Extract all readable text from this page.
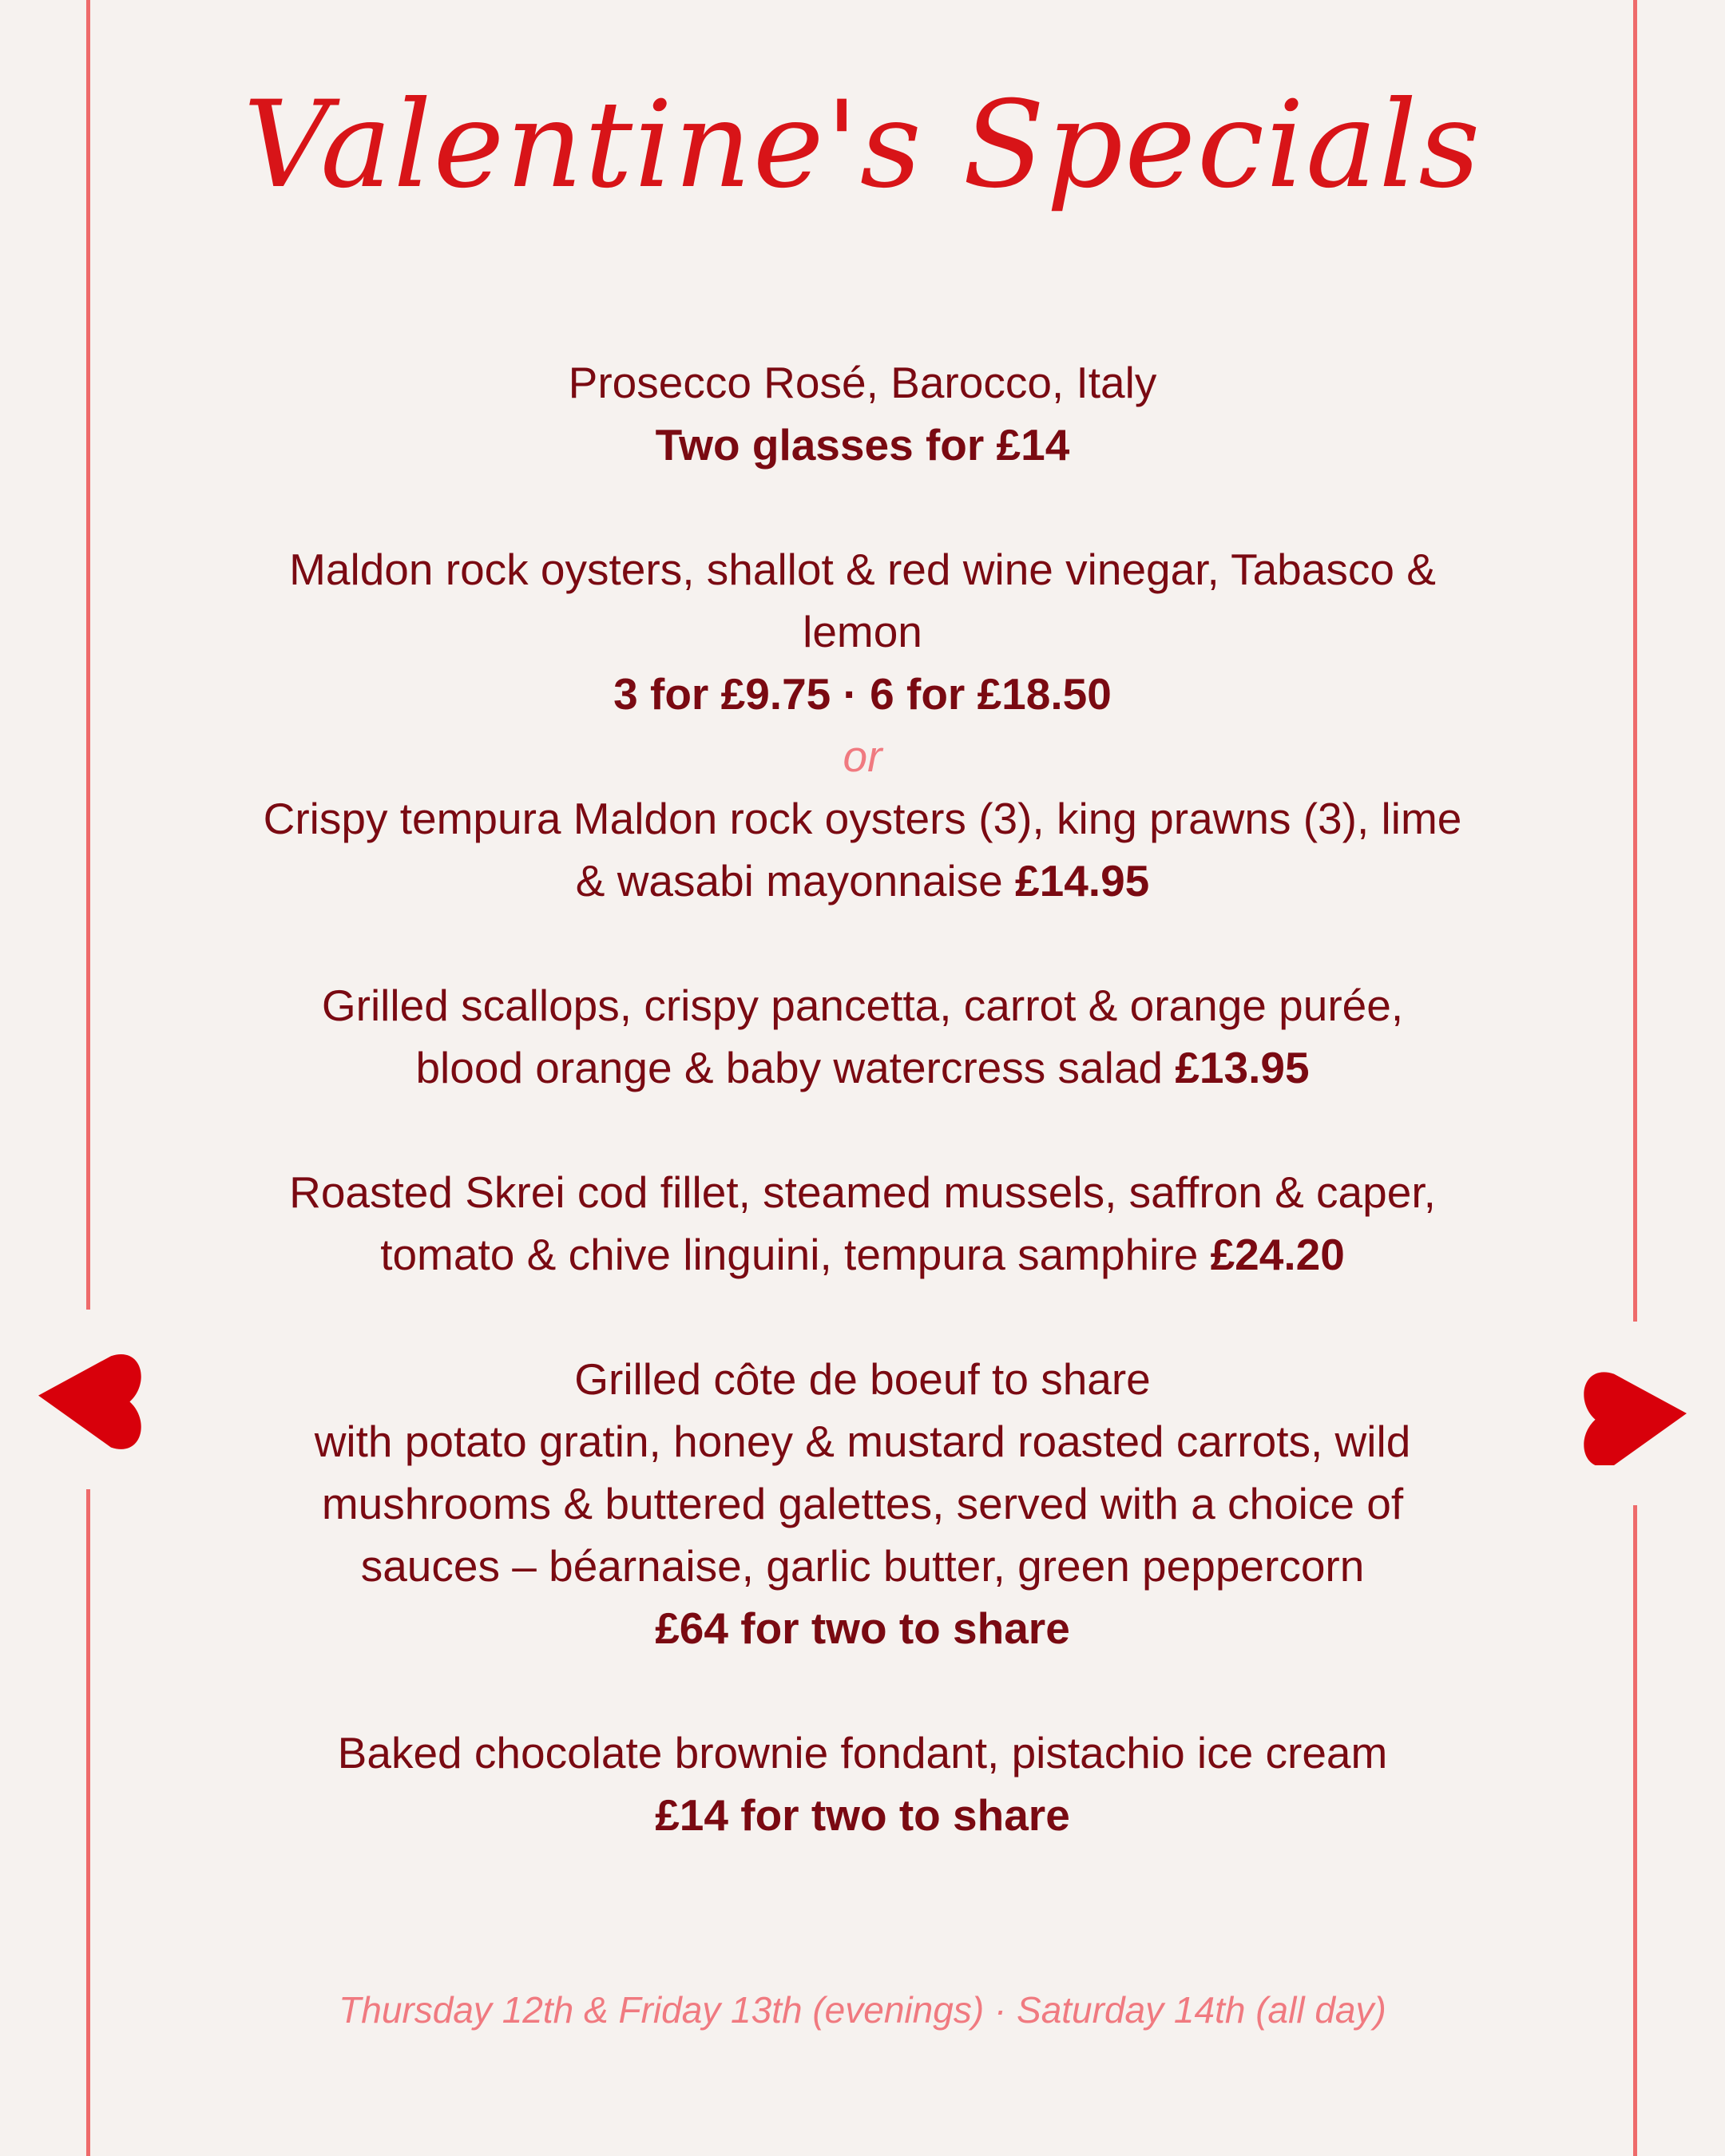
Valentine's Specials

Prosecco Rosé, Barocco, Italy

Two glasses for £14

Maldon rock oysters, shallot & red wine vinegar, Tabasco &

lemon

3 for £9.75 · 6 for £18.50

or

Crispy tempura Maldon rock oysters (3), king prawns (3), lime

& wasabi mayonnaise £14.95

Grilled scallops, crispy pancetta, carrot & orange purée,

blood orange & baby watercress salad £13.95

Roasted Skrei cod fillet, steamed mussels, saffron & caper,

tomato & chive linguini, tempura samphire £24.20

Grilled côte de boeuf to share

with potato gratin, honey & mustard roasted carrots, wild

mushrooms & buttered galettes, served with a choice of

sauces – béarnaise, garlic butter, green peppercorn

£64 for two to share

Baked chocolate brownie fondant, pistachio ice cream

£14 for two to share

Thursday 12th & Friday 13th (evenings) · Saturday 14th (all day)
